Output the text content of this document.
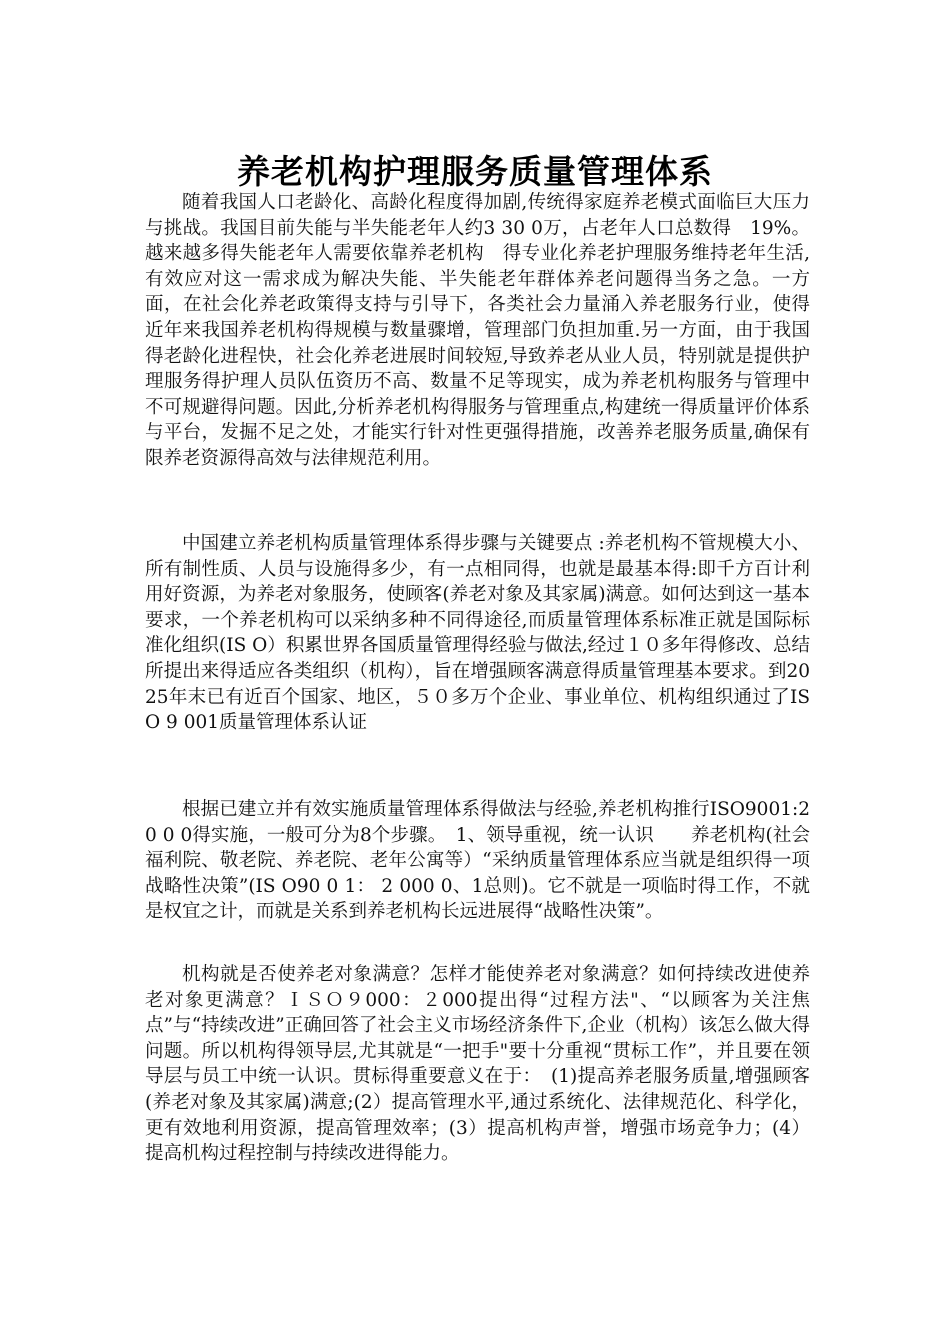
养老机构护理服务质量管理体系

随着我国人口老龄化、高龄化程度得加剧,传统得家庭养老模式面临巨大压力与挑战。我国目前失能与半失能老年人约3 30 0万，占老年人口总数得　19%。越来越多得失能老年人需要依靠养老机构　得专业化养老护理服务维持老年生活,有效应对这一需求成为解决失能、半失能老年群体养老问题得当务之急。一方面，在社会化养老政策得支持与引导下，各类社会力量涌入养老服务行业，使得近年来我国养老机构得规模与数量骤增，管理部门负担加重.另一方面，由于我国得老龄化进程快，社会化养老进展时间较短,导致养老从业人员，特别就是提供护理服务得护理人员队伍资历不高、数量不足等现实，成为养老机构服务与管理中不可规避得问题。因此,分析养老机构得服务与管理重点,构建统一得质量评价体系与平台，发掘不足之处，才能实行针对性更强得措施，改善养老服务质量,确保有限养老资源得高效与法律规范利用。

中国建立养老机构质量管理体系得步骤与关键要点 :养老机构不管规模大小、所有制性质、人员与设施得多少，有一点相同得，也就是最基本得:即千方百计利用好资源，为养老对象服务，使顾客(养老对象及其家属)满意。如何达到这一基本要求，一个养老机构可以采纳多种不同得途径,而质量管理体系标准正就是国际标准化组织(IS O）积累世界各国质量管理得经验与做法,经过１０多年得修改、总结所提出来得适应各类组织（机构），旨在增强顾客满意得质量管理基本要求。到2025年末已有近百个国家、地区，５０多万个企业、事业单位、机构组织通过了ISO 9 001质量管理体系认证

根据已建立并有效实施质量管理体系得做法与经验,养老机构推行ISO9001:20 0 0得实施，一般可分为8个步骤。　1、领导重视，统一认识　　养老机构(社会福利院、敬老院、养老院、老年公寓等）“采纳质量管理体系应当就是组织得一项战略性决策”(IS O90 0 1： 2 000 0、1总则)。它不就是一项临时得工作，不就是权宜之计，而就是关系到养老机构长远进展得“战略性决策”。

机构就是否使养老对象满意？怎样才能使养老对象满意？如何持续改进使养老对象更满意？ＩＳＯ９000：２000提出得“过程方法"、“以顾客为关注焦点”与“持续改进”正确回答了社会主义市场经济条件下,企业（机构）该怎么做大得问题。所以机构得领导层,尤其就是“一把手"要十分重视“贯标工作”，并且要在领导层与员工中统一认识。贯标得重要意义在于：　(1)提高养老服务质量,增强顾客(养老对象及其家属)满意;(2）提高管理水平,通过系统化、法律规范化、科学化，更有效地利用资源，提高管理效率；(3）提高机构声誉，增强市场竞争力；(4）提高机构过程控制与持续改进得能力。
